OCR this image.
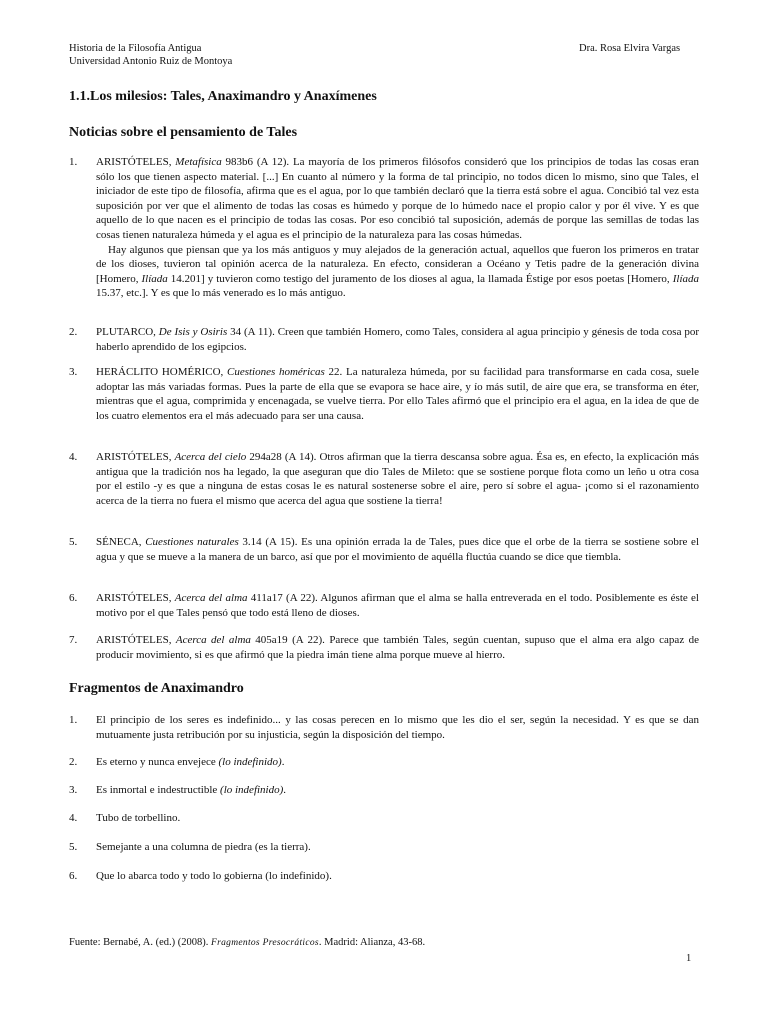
Historia de la Filosofía Antigua
Universidad Antonio Ruiz de Montoya
Dra. Rosa Elvira Vargas
1.1.Los milesios: Tales, Anaximandro y Anaxímenes
Noticias sobre el pensamiento de Tales
1.	ARISTÓTELES, Metafísica 983b6 (A 12). La mayoría de los primeros filósofos consideró que los principios de todas las cosas eran sólo los que tienen aspecto material. [...] En cuanto al número y la forma de tal principio, no todos dicen lo mismo, sino que Tales, el iniciador de este tipo de filosofía, afirma que es el agua, por lo que también declaró que la tierra está sobre el agua. Concibió tal vez esta suposición por ver que el alimento de todas las cosas es húmedo y porque de lo húmedo nace el propio calor y por él vive. Y es que aquello de lo que nacen es el principio de todas las cosas. Por eso concibió tal suposición, además de porque las semillas de todas las cosas tienen naturaleza húmeda y el agua es el principio de la naturaleza para las cosas húmedas.

Hay algunos que piensan que ya los más antiguos y muy alejados de la generación actual, aquellos que fueron los primeros en tratar de los dioses, tuvieron tal opinión acerca de la naturaleza. En efecto, consideran a Océano y Tetis padre de la generación divina [Homero, Ilíada 14.201] y tuvieron como testigo del juramento de los dioses al agua, la llamada Éstige por esos poetas [Homero, Ilíada 15.37, etc.]. Y es que lo más venerado es lo más antiguo.

2.	PLUTARCO, De Isis y Osiris 34 (A 11). Creen que también Homero, como Tales, considera al agua principio y génesis de toda cosa por haberlo aprendido de los egipcios.
3.	HERÁCLITO HOMÉRICO, Cuestiones homéricas 22. La naturaleza húmeda, por su facilidad para transformarse en cada cosa, suele adoptar las más variadas formas. Pues la parte de ella que se evapora se hace aire, y ío más sutil, de aire que era, se transforma en éter, mientras que el agua, comprimida y encenagada, se vuelve tierra. Por ello Tales afirmó que el principio era el agua, en la idea de que de los cuatro elementos era el más adecuado para ser una causa.
4.	ARISTÓTELES, Acerca del cielo 294a28 (A 14). Otros afirman que la tierra descansa sobre agua. Ésa es, en efecto, la explicación más antigua que la tradición nos ha legado, la que aseguran que dio Tales de Mileto: que se sostiene porque flota como un leño u otra cosa por el estilo -y es que a ninguna de estas cosas le es natural sostenerse sobre el aire, pero sí sobre el agua- ¡como si el razonamiento acerca de la tierra no fuera el mismo que acerca del agua que sostiene la tierra!
5.	SÉNECA, Cuestiones naturales 3.14 (A 15). Es una opinión errada la de Tales, pues dice que el orbe de la tierra se sostiene sobre el agua y que se mueve a la manera de un barco, así que por el movimiento de aquélla fluctúa cuando se dice que tiembla.
6.	ARISTÓTELES, Acerca del alma 411a17 (A 22). Algunos afirman que el alma se halla entreverada en el todo. Posiblemente es éste el motivo por el que Tales pensó que todo está lleno de dioses.
7.	ARISTÓTELES, Acerca del alma 405a19 (A 22). Parece que también Tales, según cuentan, supuso que el alma era algo capaz de producir movimiento, si es que afirmó que la piedra imán tiene alma porque mueve al hierro.
Fragmentos de Anaximandro
1.	El principio de los seres es indefinido... y las cosas perecen en lo mismo que les dio el ser, según la necesidad. Y es que se dan mutuamente justa retribución por su injusticia, según la disposición del tiempo.
2.	Es eterno y nunca envejece (lo indefinido).
3.	Es inmortal e indestructible (lo indefinido).
4.	Tubo de torbellino.
5.	Semejante a una columna de piedra (es la tierra).
6.	Que lo abarca todo y todo lo gobierna (lo indefinido).
Fuente: Bernabé, A. (ed.) (2008). Fragmentos Presocráticos. Madrid: Alianza, 43-68.
1
